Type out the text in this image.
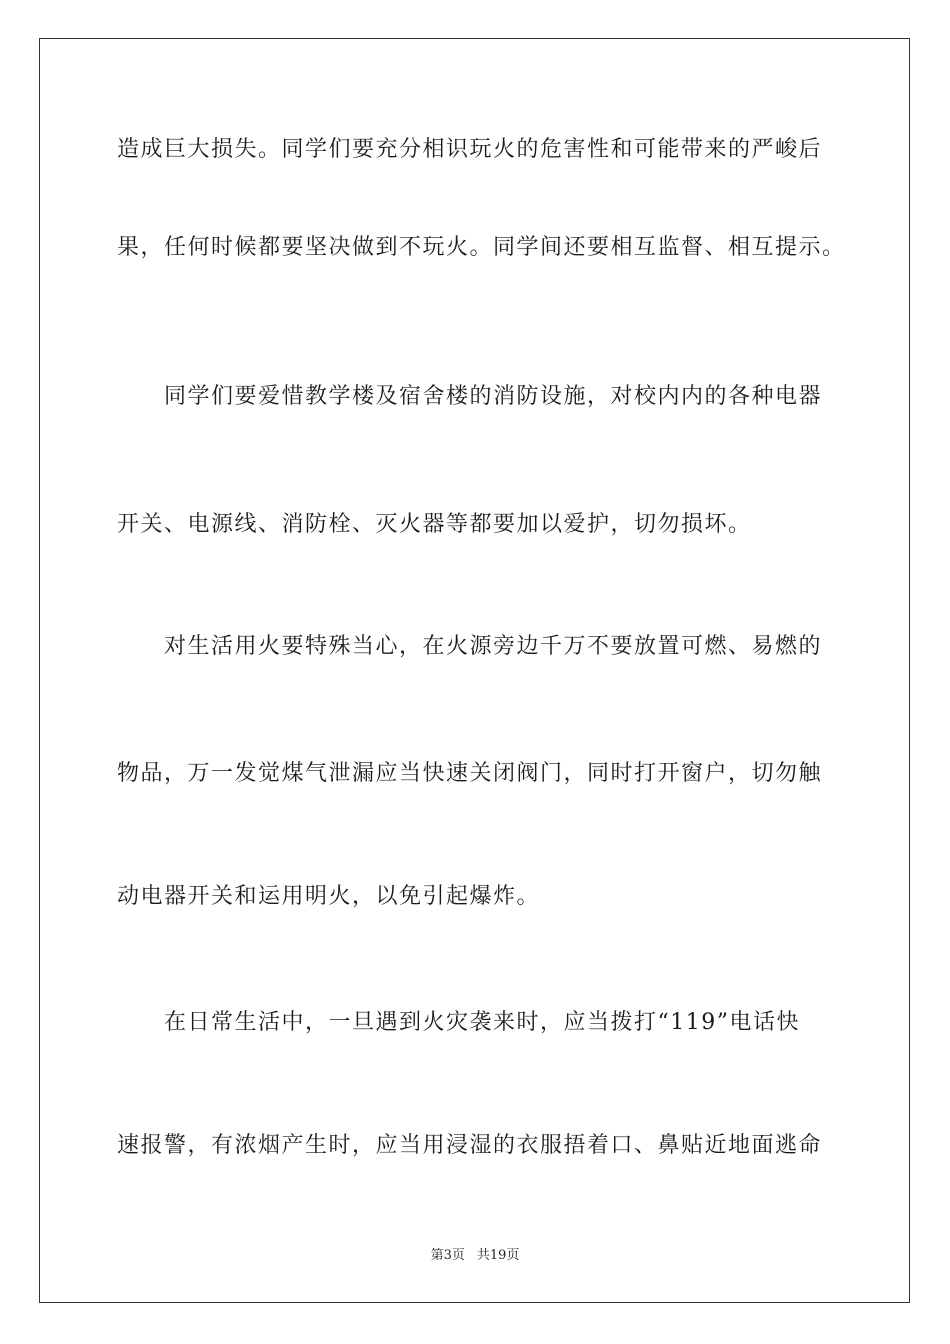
造成巨大损失。同学们要充分相识玩火的危害性和可能带来的严峻后
果，任何时候都要坚决做到不玩火。同学间还要相互监督、相互提示。
　　同学们要爱惜教学楼及宿舍楼的消防设施，对校内内的各种电器
开关、电源线、消防栓、灭火器等都要加以爱护，切勿损坏。
　　对生活用火要特殊当心，在火源旁边千万不要放置可燃、易燃的
物品，万一发觉煤气泄漏应当快速关闭阀门，同时打开窗户，切勿触
动电器开关和运用明火，以免引起爆炸。
　　在日常生活中，一旦遇到火灾袭来时，应当拨打“119”电话快
速报警，有浓烟产生时，应当用浸湿的衣服捂着口、鼻贴近地面逃命
第3页 共19页
